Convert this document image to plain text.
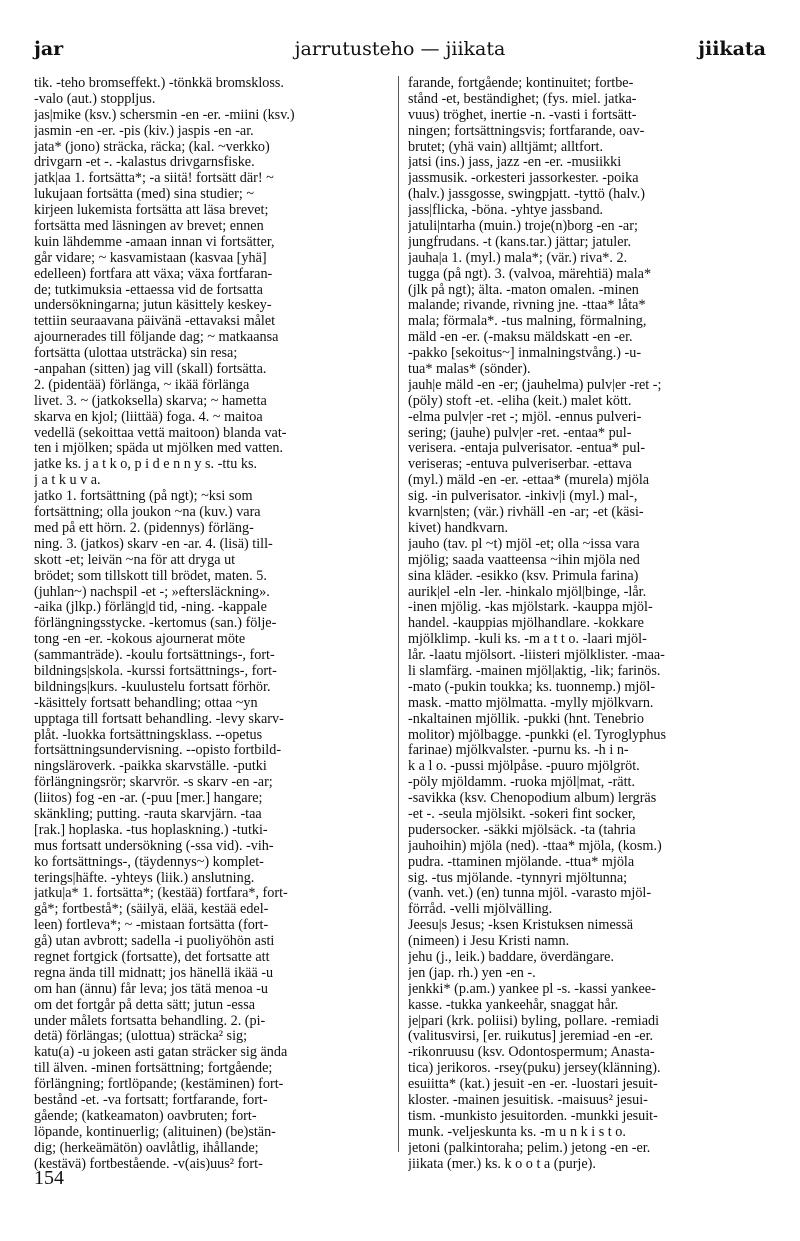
jar	jarrutusteho — jiikata	jiikata
tik. -teho bromseffekt.) -tönkkä bromskloss.
-valo (aut.) stoppljus.
jas|mike (ksv.) schersmin -en -er. -miini (ksv.)
jasmin -en -er. -pis (kiv.) jaspis -en -ar.
jata* (jono) sträcka, räcka; (kal. ~verkko)
drivgarn -et -. -kalastus drivgarnsfiske.
jatk|aa 1. fortsätta*; -a siitä! fortsätt där! ~
lukujaan fortsätta (med) sina studier; ~
kirjeen lukemista fortsätta att läsa brevet;
fortsätta med läsningen av brevet; ennen
kuin lähdemme -amaan innan vi fortsätter,
går vidare; ~ kasvamistaan (kasvaa [yhä]
edelleen) fortfara att växa; växa fortfaran-
de; tutkimuksia -ettaessa vid de fortsatta
undersökningarna; jutun käsittely keskey-
tettiin seuraavana päivänä -ettavaksi målet
ajournerades till följande dag; ~ matkaansa
fortsätta (ulottaa utsträcka) sin resa;
-anpahan (sitten) jag vill (skall) fortsätta.
2. (pidentää) förlänga, ~ ikää förlänga
livet. 3. ~ (jatkoksella) skarva; ~ hametta
skarva en kjol; (liittää) foga. 4. ~ maitoa
vedellä (sekoittaa vettä maitoon) blanda vat-
ten i mjölken; späda ut mjölken med vatten.
jatke ks. j a t k o, p i d e n n y s. -ttu ks.
j a t k u v a.
jatko 1. fortsättning (på ngt); ~ksi som
fortsättning; olla joukon ~na (kuv.) vara
med på ett hörn. 2. (pidennys) förläng-
ning. 3. (jatkos) skarv -en -ar. 4. (lisä) till-
skott -et; leivän ~na för att dryga ut
brödet; som tillskott till brödet, maten. 5.
(juhlan~) nachspil -et -; »eftersläckning».
-aika (jlkp.) förläng|d tid, -ning. -kappale
förlängningsstycke. -kertomus (san.) följe-
tong -en -er. -kokous ajournerat möte
(sammanträde). -koulu fortsättnings-, fort-
bildnings|skola. -kurssi fortsättnings-, fort-
bildnings|kurs. -kuulustelu fortsatt förhör.
-käsittely fortsatt behandling; ottaa ~yn
upptaga till fortsatt behandling. -levy skarv-
plåt. -luokka fortsättningsklass. --opetus
fortsättningsundervisning. --opisto fortbild-
ningsläroverk. -paikka skarvställe. -putki
förlängningsrör; skarvrör. -s skarv -en -ar;
(liitos) fog -en -ar. (-puu [mer.] hangare;
skänkling; putting. -rauta skarvjärn. -taa
[rak.] hoplaska. -tus hoplaskning.) -tutki-
mus fortsatt undersökning (-ssa vid). -vih-
ko fortsättnings-, (täydennys~) komplet-
terings|häfte. -yhteys (liik.) anslutning.
jatku|a* 1. fortsätta*; (kestää) fortfara*, fort-
gå*; fortbestå*; (säilyä, elää, kestää edel-
leen) fortleva*; ~ -mistaan fortsätta (fort-
gå) utan avbrott; sadella -i puoliyöhön asti
regnet fortgick (fortsatte), det fortsatte att
regna ända till midnatt; jos hänellä ikää -u
om han (ännu) får leva; jos tätä menoa -u
om det fortgår på detta sätt; jutun -essa
under målets fortsatta behandling. 2. (pi-
detä) förlängas; (ulottua) sträcka² sig;
katu(a) -u jokeen asti gatan sträcker sig ända
till älven. -minen fortsättning; fortgående;
förlängning; fortlöpande; (kestäminen) fort-
bestånd -et. -va fortsatt; fortfarande, fort-
gående; (katkeamaton) oavbruten; fort-
löpande, kontinuerlig; (alituinen) (be)stän-
dig; (herkeämätön) oavlåtlig, ihållande;
(kestävä) fortbestående. -v(ais)uus² fort-
farande, fortgående; kontinuitet; fortbe-
stånd -et, beständighet; (fys. miel. jatka-
vuus) tröghet, inertie -n. -vasti i fortsätt-
ningen; fortsättningsvis; fortfarande, oav-
brutet; (yhä vain) alltjämt; alltfort.
jatsi (ins.) jass, jazz -en -er. -musiikki
jassmusik. -orkesteri jassorkester. -poika
(halv.) jassgosse, swingpjatt. -tyttö (halv.)
jass|flicka, -böna. -yhtye jassband.
jatuli|ntarha (muin.) troje(n)borg -en -ar;
jungfrudans. -t (kans.tar.) jättar; jatuler.
jauha|a 1. (myl.) mala*; (vär.) riva*. 2.
tugga (på ngt). 3. (valvoa, märehtiä) mala*
(jlk på ngt); älta. -maton omalen. -minen
malande; rivande, rivning jne. -ttaa* låta*
mala; förmala*. -tus malning, förmalning,
mäld -en -er. (-maksu mäldskatt -en -er.
-pakko [sekoitus~] inmalningstvång.) -u-
tua* malas* (sönder).
jauh|e mäld -en -er; (jauhelma) pulv|er -ret -;
(pöly) stoft -et. -eliha (keit.) malet kött.
-elma pulv|er -ret -; mjöl. -ennus pulveri-
sering; (jauhe) pulv|er -ret. -entaa* pul-
verisera. -entaja pulverisator. -entua* pul-
veriseras; -entuva pulveriserbar. -ettava
(myl.) mäld -en -er. -ettaa* (murela) mjöla
sig. -in pulverisator. -inkiv|i (myl.) mal-,
kvarn|sten; (vär.) rivhäll -en -ar; -et (käsi-
kivet) handkvarn.
jauho (tav. pl ~t) mjöl -et; olla ~issa vara
mjölig; saada vaatteensa ~ihin mjöla ned
sina kläder. -esikko (ksv. Primula farina)
aurik|el -eln -ler. -hinkalo mjöl|binge, -lår.
-inen mjölig. -kas mjölstark. -kauppa mjöl-
handel. -kauppias mjölhandlare. -kokkare
mjölklimp. -kuli ks. -m a t t o. -laari mjöl-
lår. -laatu mjölsort. -liisteri mjölklister. -maa-
li slamfärg. -mainen mjöl|aktig, -lik; farinös.
-mato (-pukin toukka; ks. tuonnemp.) mjöl-
mask. -matto mjölmatta. -mylly mjölkvarn.
-nkaltainen mjöllik. -pukki (hnt. Tenebrio
molitor) mjölbagge. -punkki (el. Tyroglyphus
farinae) mjölkvalster. -purnu ks. -h i n-
k a l o. -pussi mjölpåse. -puuro mjölgröt.
-pöly mjöldamm. -ruoka mjöl|mat, -rätt.
-savikka (ksv. Chenopodium album) lergräs
-et -. -seula mjölsikt. -sokeri fint socker,
pudersocker. -säkki mjölsäck. -ta (tahria
jauhoihin) mjöla (ned). -ttaa* mjöla, (kosm.)
pudra. -ttaminen mjölande. -ttua* mjöla
sig. -tus mjölande. -tynnyri mjöltunna;
(vanh. vet.) (en) tunna mjöl. -varasto mjöl-
förråd. -velli mjölvälling.
Jeesu|s Jesus; -ksen Kristuksen nimessä
(nimeen) i Jesu Kristi namn.
jehu (j., leik.) baddare, överdängare.
jen (jap. rh.) yen -en -.
jenkki* (p.am.) yankee pl -s. -kassi yankee-
kasse. -tukka yankeehår, snaggat hår.
je|pari (krk. poliisi) byling, pollare. -remiadi
(valitusvirsi, [er. ruikutus] jeremiad -en -er.
-rikonruusu (ksv. Odontospermum; Anasta-
tica) jerikoros. -rsey(puku) jersey(klänning).
esuiitta* (kat.) jesuit -en -er. -luostari jesuit-
kloster. -mainen jesuitisk. -maisuus² jesui-
tism. -munkisto jesuitorden. -munkki jesuit-
munk. -veljeskunta ks. -m u n k i s t o.
jetoni (palkintoraha; pelim.) jetong -en -er.
jiikata (mer.) ks. k o o t a (purje).
154
